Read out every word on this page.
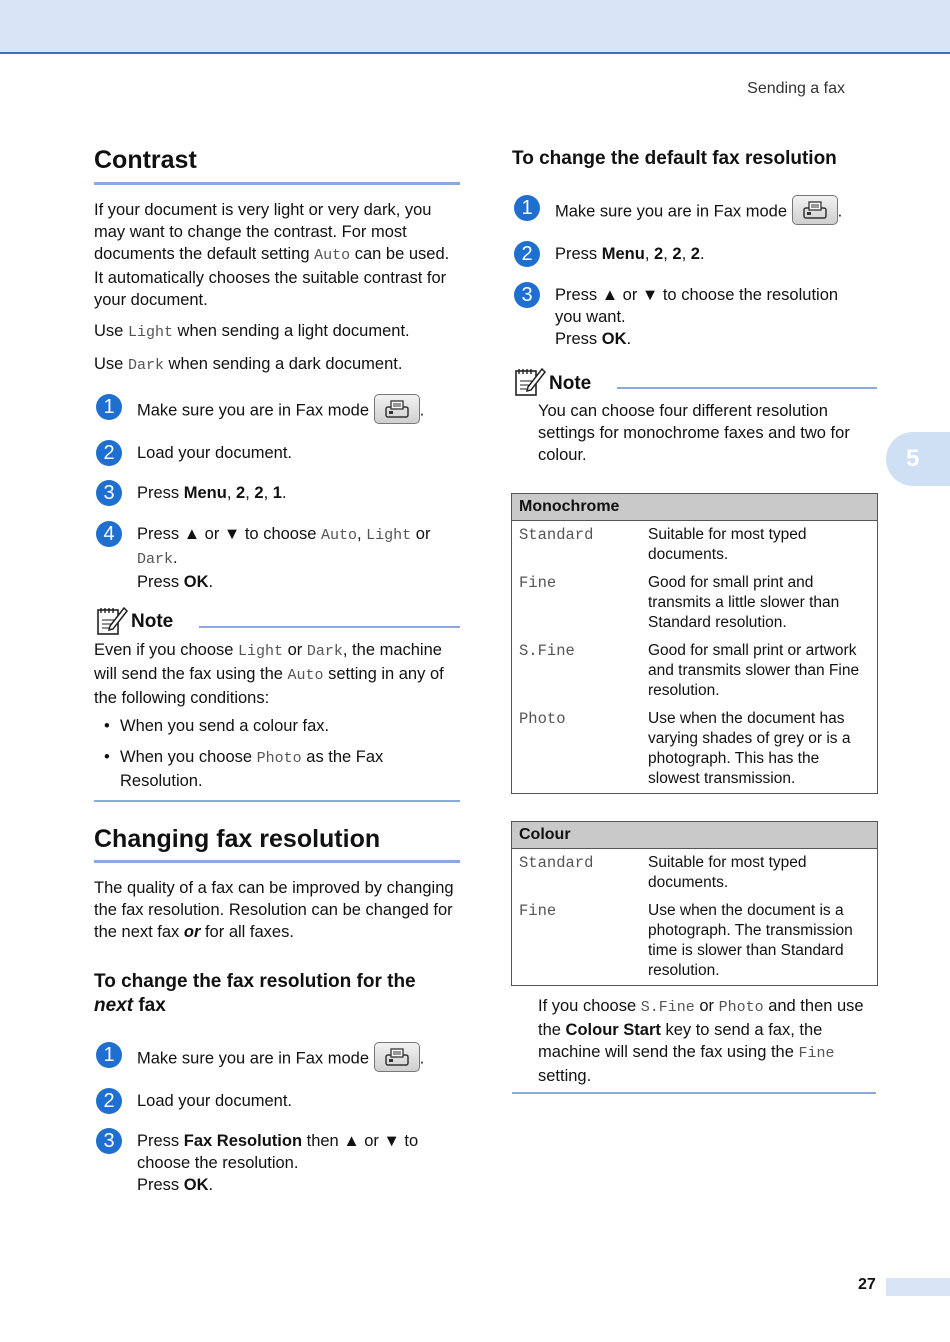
Sending a fax
Contrast

If your document is very light or very dark, you may want to change the contrast. For most documents the default setting Auto can be used. It automatically chooses the suitable contrast for your document.

Use Light when sending a light document.

Use Dark when sending a dark document.

1	Make sure you are in Fax mode	.
2	Load your document.
3	Press Menu, 2, 2, 1.
4	Press ▲ or ▼ to choose Auto, Light or
Dark.
Press OK.
Note

Even if you choose Light or Dark, the machine will send the fax using the Auto setting in any of the following conditions:

• When you send a colour fax.
• When you choose Photo as the Fax Resolution.
Changing fax resolution

The quality of a fax can be improved by changing the fax resolution. Resolution can be changed for the next fax or for all faxes.

To change the fax resolution for the
next fax
1	Make sure you are in Fax mode	.
2	Load your document.
3	Press Fax Resolution then ▲ or ▼ to
choose the resolution.
Press OK.
To change the default fax resolution
1	Make sure you are in Fax mode	.
2	Press Menu, 2, 2, 2.
3	Press ▲ or ▼ to choose the resolution
you want.
Press OK.
Note

You can choose four different resolution settings for monochrome faxes and two for colour.

Monochrome	
Standard	Suitable for most typed documents.
Fine	Good for small print and transmits a little slower than Standard resolution.
S.Fine	Good for small print or artwork and transmits slower than Fine resolution.
Photo	Use when the document has varying shades of grey or is a photograph. This has the slowest transmission.
Colour	
Standard	Suitable for most typed documents.
Fine	Use when the document is a photograph. The transmission time is slower than Standard resolution.

If you choose S.Fine or Photo and then use the Colour Start key to send a fax, the machine will send the fax using the Fine setting.

5
27
